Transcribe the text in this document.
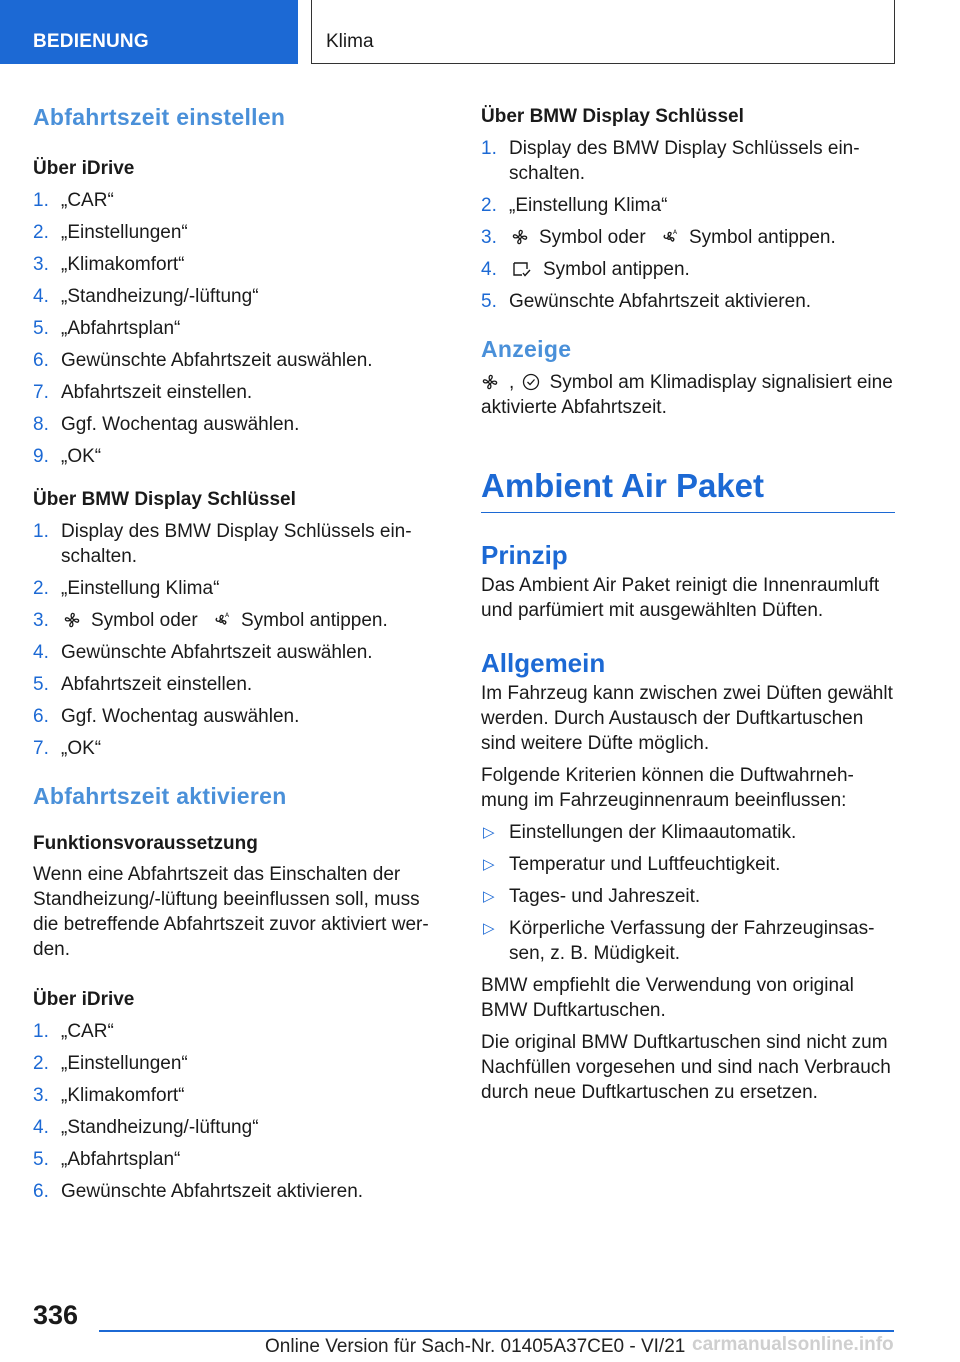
BEDIENUNG	Klima
Abfahrtszeit einstellen
Über iDrive
1. „CAR“
2. „Einstellungen“
3. „Klimakomfort“
4. „Standheizung/-lüftung“
5. „Abfahrtsplan“
6. Gewünschte Abfahrtszeit auswählen.
7. Abfahrtszeit einstellen.
8. Ggf. Wochentag auswählen.
9. „OK“
Über BMW Display Schlüssel
1. Display des BMW Display Schlüssels ein-schalten.
2. „Einstellung Klima“
3. Symbol oder	A Symbol antippen.
4. Gewünschte Abfahrtszeit auswählen.
5. Abfahrtszeit einstellen.
6. Ggf. Wochentag auswählen.
7. „OK“
Abfahrtszeit aktivieren
Funktionsvoraussetzung

Wenn eine Abfahrtszeit das Einschalten der Standheizung/-lüftung beeinflussen soll, muss die betreffende Abfahrtszeit zuvor aktiviert wer-den.

Über iDrive
1. „CAR“
2. „Einstellungen“
3. „Klimakomfort“
4. „Standheizung/-lüftung“
5. „Abfahrtsplan“
6. Gewünschte Abfahrtszeit aktivieren.
Über BMW Display Schlüssel
1. Display des BMW Display Schlüssels ein-schalten.
2. „Einstellung Klima“
3. Symbol oder	A Symbol antippen.
4. Symbol antippen.
5. Gewünschte Abfahrtszeit aktivieren.
Anzeige

, Symbol am Klimadisplay signalisiert eine aktivierte Abfahrtszeit.

Ambient Air Paket
Prinzip

Das Ambient Air Paket reinigt die Innenraumluft und parfümiert mit ausgewählten Düften.

Allgemein

Im Fahrzeug kann zwischen zwei Düften gewählt werden. Durch Austausch der Duftkartuschen sind weitere Düfte möglich.

Folgende Kriterien können die Duftwahrneh-mung im Fahrzeuginnenraum beeinflussen:

▷ Einstellungen der Klimaautomatik.
▷ Temperatur und Luftfeuchtigkeit.
▷ Tages- und Jahreszeit.
▷ Körperliche Verfassung der Fahrzeuginsas-sen, z. B. Müdigkeit.

BMW empfiehlt die Verwendung von original BMW Duftkartuschen.

Die original BMW Duftkartuschen sind nicht zum Nachfüllen vorgesehen und sind nach Verbrauch durch neue Duftkartuschen zu ersetzen.

336
Online Version für Sach-Nr. 01405A37CE0 - VI/21 carmanualsonline.info
